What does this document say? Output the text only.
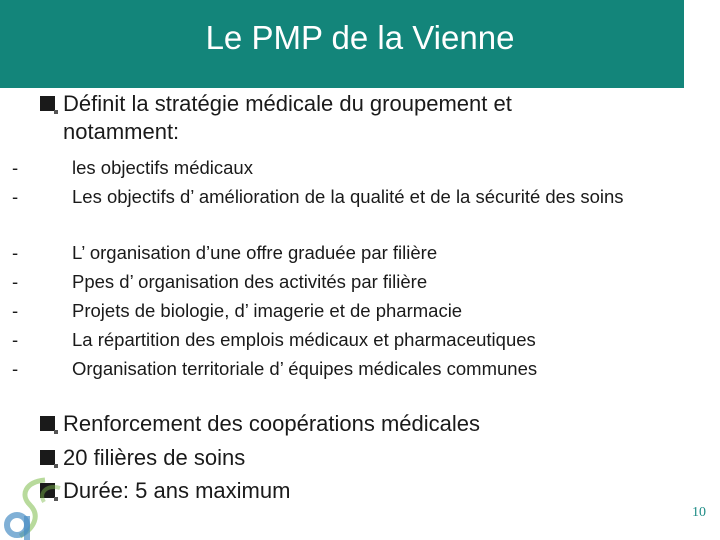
Le PMP de la Vienne
Définit la stratégie médicale du groupement et notamment:
-	les objectifs médicaux
-	Les objectifs d’ amélioration de la qualité et de la sécurité des soins
-	L’ organisation d’une offre graduée par filière
-	Ppes d’ organisation des activités par filière
-	Projets de biologie, d’ imagerie et de pharmacie
-	La répartition des emplois médicaux et pharmaceutiques
-	Organisation territoriale d’ équipes médicales communes
Renforcement des coopérations médicales
20 filières de soins
Durée: 5 ans maximum
10
